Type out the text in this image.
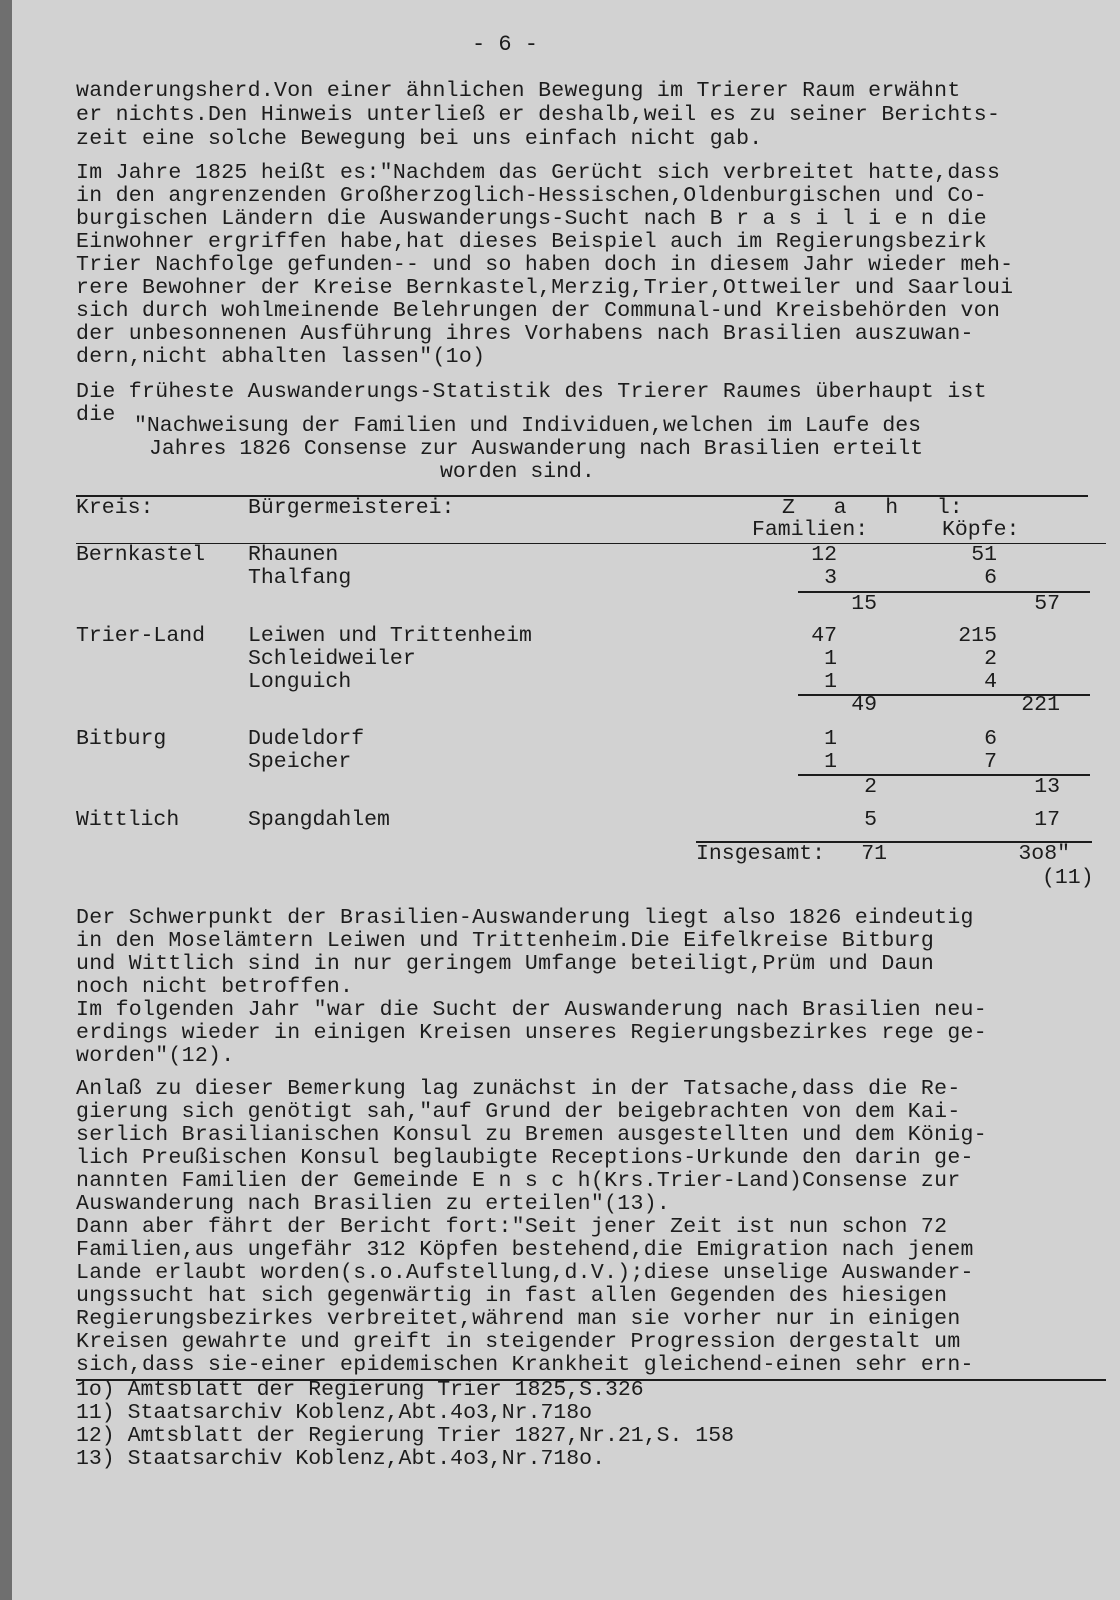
- 6 -
wanderungsherd.Von einer ähnlichen Bewegung im Trierer Raum erwähnt
er nichts.Den Hinweis unterließ er deshalb,weil es zu seiner Berichts-
zeit eine solche Bewegung bei uns einfach nicht gab.
Im Jahre 1825 heißt es:"Nachdem das Gerücht sich verbreitet hatte,dass
in den angrenzenden Großherzoglich-Hessischen,Oldenburgischen und Co-
burgischen Ländern die Auswanderungs-Sucht nach B r a s i l i e n die
Einwohner ergriffen habe,hat dieses Beispiel auch im Regierungsbezirk
Trier Nachfolge gefunden-- und so haben doch in diesem Jahr wieder meh-
rere Bewohner der Kreise Bernkastel,Merzig,Trier,Ottweiler und Saarloui
sich durch wohlmeinende Belehrungen der Communal-und Kreisbehörden von
der unbesonnenen Ausführung ihres Vorhabens nach Brasilien auszuwan-
dern,nicht abhalten lassen"(1o)
Die früheste Auswanderungs-Statistik des Trierer Raumes überhaupt ist
die "Nachweisung der Familien und Individuen,welchen im Laufe des
Jahres 1826 Consense zur Auswanderung nach Brasilien erteilt
worden sind.
Kreis:	Bürgermeisterei:	Z   a   h   l:
Familien:	Köpfe:
Bernkastel Rhaunen	12	51
Thalfang	3	6
15	57
Trier-Land Leiwen und Trittenheim	47	215
Schleidweiler	1	2
Longuich	1	4
49	221
Bitburg	Dudeldorf	1	6
Speicher	1	7
2	13
Wittlich	Spangdahlem	5	17
Insgesamt:	71	3o8"
(11)
Der Schwerpunkt der Brasilien-Auswanderung liegt also 1826 eindeutig
in den Moselämtern Leiwen und Trittenheim.Die Eifelkreise Bitburg
und Wittlich sind in nur geringem Umfange beteiligt,Prüm und Daun
noch nicht betroffen.
Im folgenden Jahr "war die Sucht der Auswanderung nach Brasilien neu-
erdings wieder in einigen Kreisen unseres Regierungsbezirkes rege ge-
worden"(12).
Anlaß zu dieser Bemerkung lag zunächst in der Tatsache,dass die Re-
gierung sich genötigt sah,"auf Grund der beigebrachten von dem Kai-
serlich Brasilianischen Konsul zu Bremen ausgestellten und dem König-
lich Preußischen Konsul beglaubigte Receptions-Urkunde den darin ge-
nannten Familien der Gemeinde E n s c h(Krs.Trier-Land)Consense zur
Auswanderung nach Brasilien zu erteilen"(13).
Dann aber fährt der Bericht fort:"Seit jener Zeit ist nun schon 72
Familien,aus ungefähr 312 Köpfen bestehend,die Emigration nach jenem
Lande erlaubt worden(s.o.Aufstellung,d.V.);diese unselige Auswander-
ungssucht hat sich gegenwärtig in fast allen Gegenden des hiesigen
Regierungsbezirkes verbreitet,während man sie vorher nur in einigen
Kreisen gewahrte und greift in steigender Progression dergestalt um
sich,dass sie-einer epidemischen Krankheit gleichend-einen sehr ern-
1o) Amtsblatt der Regierung Trier 1825,S.326
11) Staatsarchiv Koblenz,Abt.4o3,Nr.718o
12) Amtsblatt der Regierung Trier 1827,Nr.21,S. 158
13) Staatsarchiv Koblenz,Abt.4o3,Nr.718o.
